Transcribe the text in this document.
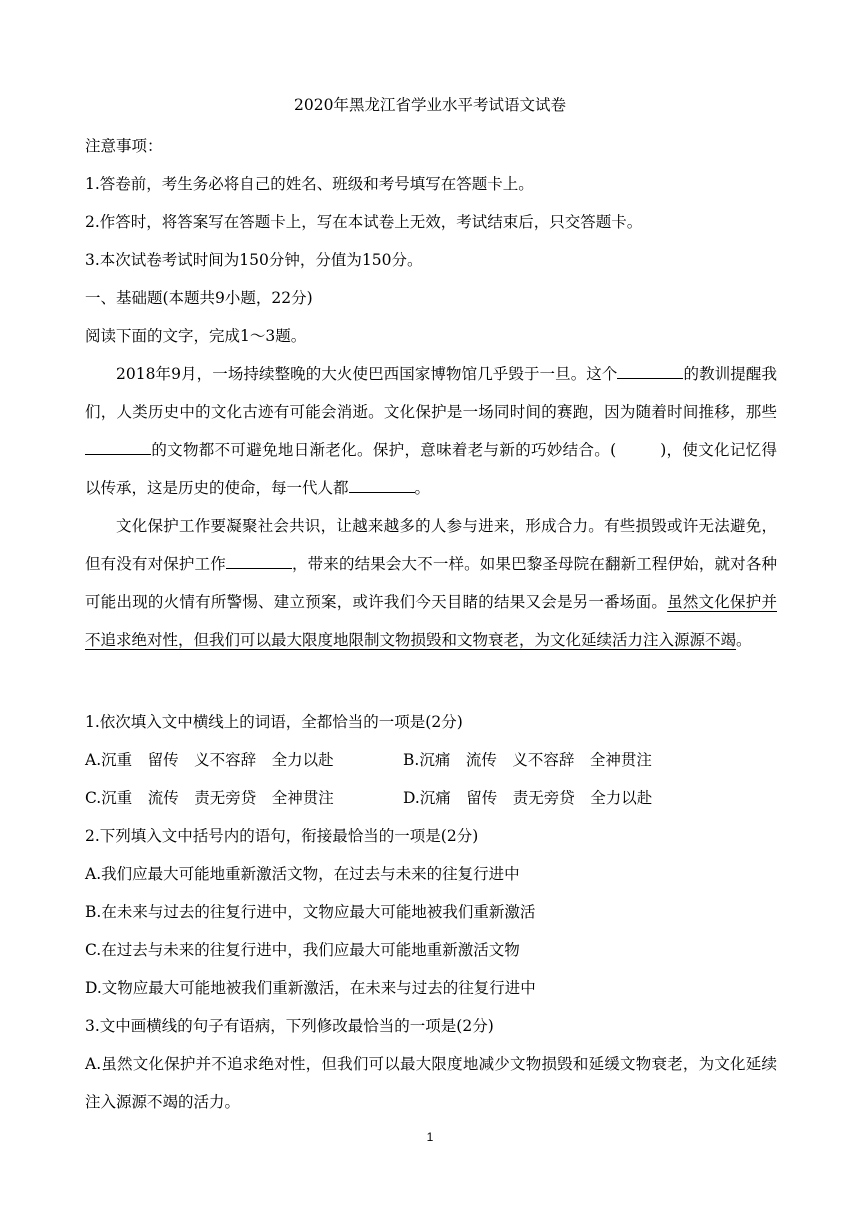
2020年黑龙江省学业水平考试语文试卷
注意事项：
1.答卷前，考生务必将自己的姓名、班级和考号填写在答题卡上。
2.作答时，将答案写在答题卡上，写在本试卷上无效，考试结束后，只交答题卡。
3.本次试卷考试时间为150分钟，分值为150分。
一、基础题(本题共9小题，22分)
阅读下面的文字，完成1～3题。
2018年9月，一场持续整晚的大火使巴西国家博物馆几乎毁于一旦。这个	的教训提醒我们，人类历史中的文化古迹有可能会消逝。文化保护是一场同时间的赛跑，因为随着时间推移，那些的文物都不可避免地日渐老化。保护，意味着老与新的巧妙结合。(	)，使文化记忆得以传承，这是历史的使命，每一代人都	。
文化保护工作要凝聚社会共识，让越来越多的人参与进来，形成合力。有些损毁或许无法避免，但有没有对保护工作	，带来的结果会大不一样。如果巴黎圣母院在翻新工程伊始，就对各种可能出现的火情有所警惕、建立预案，或许我们今天目睹的结果又会是另一番场面。虽然文化保护并不追求绝对性，但我们可以最大限度地限制文物损毁和文物衰老，为文化延续活力注入源源不竭。
1.依次填入文中横线上的词语，全都恰当的一项是(2分)
A.沉重　留传　义不容辞　全力以赴	B.沉痛　流传　义不容辞　全神贯注
C.沉重　流传　责无旁贷　全神贯注	D.沉痛　留传　责无旁贷　全力以赴
2.下列填入文中括号内的语句，衔接最恰当的一项是(2分)
A.我们应最大可能地重新激活文物，在过去与未来的往复行进中
B.在未来与过去的往复行进中，文物应最大可能地被我们重新激活
C.在过去与未来的往复行进中，我们应最大可能地重新激活文物
D.文物应最大可能地被我们重新激活，在未来与过去的往复行进中
3.文中画横线的句子有语病，下列修改最恰当的一项是(2分)
A.虽然文化保护并不追求绝对性，但我们可以最大限度地减少文物损毁和延缓文物衰老，为文化延续注入源源不竭的活力。
1
